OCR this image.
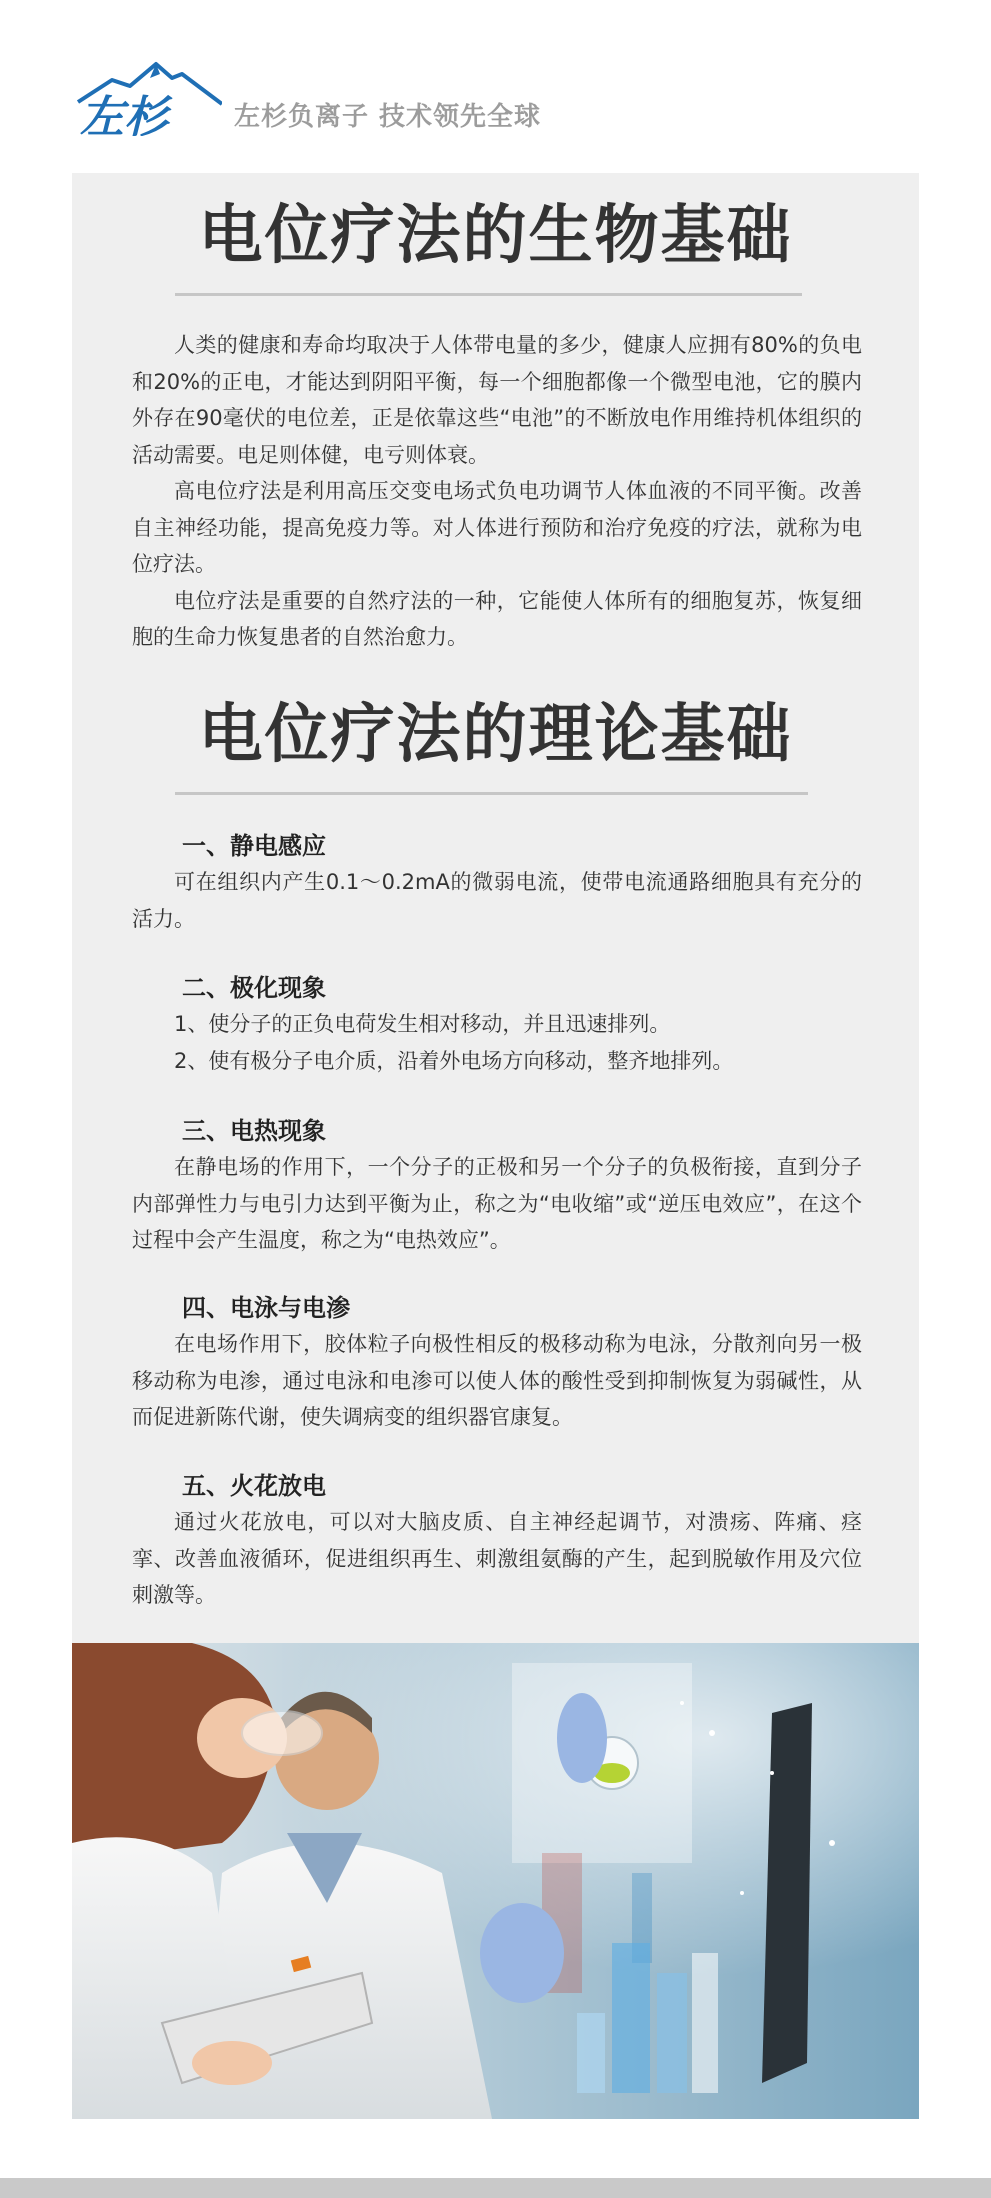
左杉	左杉负离子 技术领先全球
电位疗法的生物基础

人类的健康和寿命均取决于人体带电量的多少，健康人应拥有80%的负电和20%的正电，才能达到阴阳平衡，每一个细胞都像一个微型电池，它的膜内外存在90毫伏的电位差，正是依靠这些“电池”的不断放电作用维持机体组织的活动需要。电足则体健，电亏则体衰。

高电位疗法是利用高压交变电场式负电功调节人体血液的不同平衡。改善自主神经功能，提高免疫力等。对人体进行预防和治疗免疫的疗法，就称为电位疗法。

电位疗法是重要的自然疗法的一种，它能使人体所有的细胞复苏，恢复细胞的生命力恢复患者的自然治愈力。

电位疗法的理论基础
一、静电感应

可在组织内产生0.1～0.2mA的微弱电流，使带电流通路细胞具有充分的活力。

二、极化现象

1、使分子的正负电荷发生相对移动，并且迅速排列。

2、使有极分子电介质，沿着外电场方向移动，整齐地排列。

三、电热现象

在静电场的作用下，一个分子的正极和另一个分子的负极衔接，直到分子内部弹性力与电引力达到平衡为止，称之为“电收缩”或“逆压电效应”，在这个过程中会产生温度，称之为“电热效应”。

四、电泳与电渗

在电场作用下，胶体粒子向极性相反的极移动称为电泳，分散剂向另一极移动称为电渗，通过电泳和电渗可以使人体的酸性受到抑制恢复为弱碱性，从而促进新陈代谢，使失调病变的组织器官康复。

五、火花放电

通过火花放电，可以对大脑皮质、自主神经起调节，对溃疡、阵痛、痉挛、改善血液循环，促进组织再生、刺激组氨酶的产生，起到脱敏作用及穴位刺激等。
